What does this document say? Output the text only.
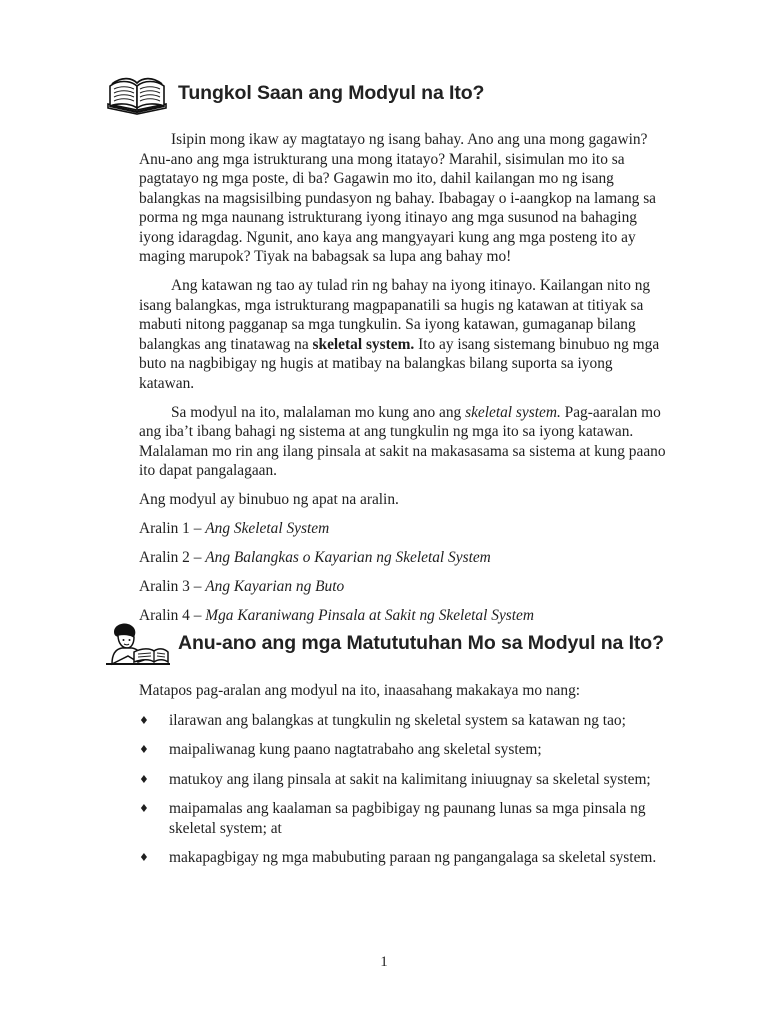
Tungkol Saan ang Modyul na Ito?

Isipin mong ikaw ay magtatayo ng isang bahay. Ano ang una mong gagawin? Anu-ano ang mga istrukturang una mong itatayo? Marahil, sisimulan mo ito sa pagtatayo ng mga poste, di ba? Gagawin mo ito, dahil kailangan mo ng isang balangkas na magsisilbing pundasyon ng bahay. Ibabagay o i-aangkop na lamang sa porma ng mga naunang istrukturang iyong itinayo ang mga susunod na bahaging iyong idaragdag. Ngunit, ano kaya ang mangyayari kung ang mga posteng ito ay maging marupok? Tiyak na babagsak sa lupa ang bahay mo!

Ang katawan ng tao ay tulad rin ng bahay na iyong itinayo. Kailangan nito ng isang balangkas, mga istrukturang magpapanatili sa hugis ng katawan at titiyak sa mabuti nitong pagganap sa mga tungkulin. Sa iyong katawan, gumaganap bilang balangkas ang tinatawag na skeletal system. Ito ay isang sistemang binubuo ng mga buto na nagbibigay ng hugis at matibay na balangkas bilang suporta sa iyong katawan.

Sa modyul na ito, malalaman mo kung ano ang skeletal system. Pag-aaralan mo ang iba’t ibang bahagi ng sistema at ang tungkulin ng mga ito sa iyong katawan. Malalaman mo rin ang ilang pinsala at sakit na makasasama sa sistema at kung paano ito dapat pangalagaan.

Ang modyul ay binubuo ng apat na aralin.

Aralin 1 – Ang Skeletal System
Aralin 2 – Ang Balangkas o Kayarian ng Skeletal System
Aralin 3 – Ang Kayarian ng Buto
Aralin 4 – Mga Karaniwang Pinsala at Sakit ng Skeletal System
Anu-ano ang mga Matututuhan Mo sa Modyul na Ito?

Matapos pag-aralan ang modyul na ito, inaasahang makakaya mo nang:

♦ ilarawan ang balangkas at tungkulin ng skeletal system sa katawan ng tao;
♦ maipaliwanag kung paano nagtatrabaho ang skeletal system;
♦ matukoy ang ilang pinsala at sakit na kalimitang iniuugnay sa skeletal system;
♦ maipamalas ang kaalaman sa pagbibigay ng paunang lunas sa mga pinsala ng skeletal system; at
♦ makapagbigay ng mga mabubuting paraan ng pangangalaga sa skeletal system.
1
